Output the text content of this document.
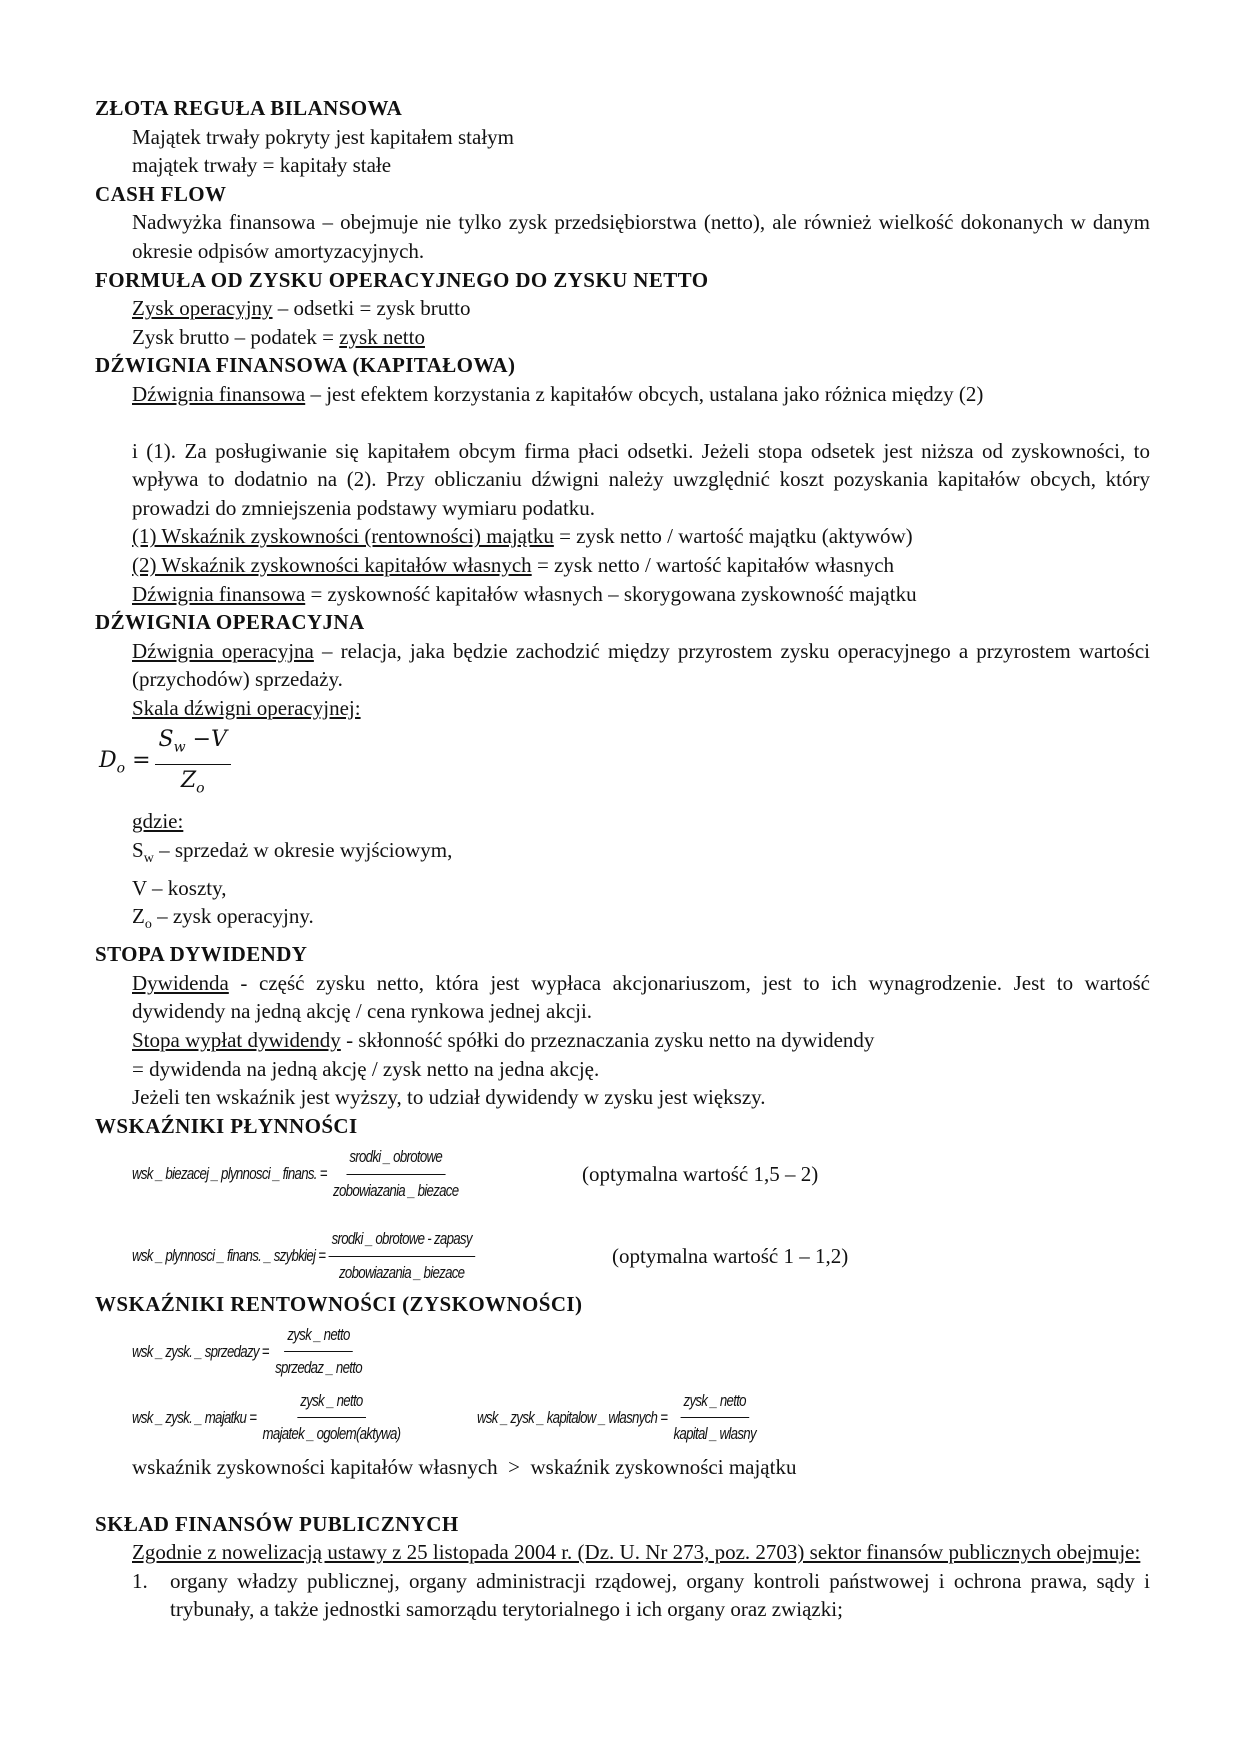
ZŁOTA REGUŁA BILANSOWA
Majątek trwały pokryty jest kapitałem stałym
majątek trwały = kapitały stałe
CASH FLOW
Nadwyżka finansowa – obejmuje nie tylko zysk przedsiębiorstwa (netto), ale również wielkość dokonanych w danym okresie odpisów amortyzacyjnych.
FORMUŁA OD ZYSKU OPERACYJNEGO DO ZYSKU NETTO
Zysk operacyjny – odsetki = zysk brutto
Zysk brutto – podatek = zysk netto
DŹWIGNIA FINANSOWA (KAPITAŁOWA)
Dźwignia finansowa – jest efektem korzystania z kapitałów obcych, ustalana jako różnica między (2)
i (1). Za posługiwanie się kapitałem obcym firma płaci odsetki. Jeżeli stopa odsetek jest niższa od zyskowności, to wpływa to dodatnio na (2). Przy obliczaniu dźwigni należy uwzględnić koszt pozyskania kapitałów obcych, który prowadzi do zmniejszenia podstawy wymiaru podatku.
(1) Wskaźnik zyskowności (rentowności) majątku = zysk netto / wartość majątku (aktywów)
(2) Wskaźnik zyskowności kapitałów własnych = zysk netto / wartość kapitałów własnych
Dźwignia finansowa = zyskowność kapitałów własnych – skorygowana zyskowność majątku
DŹWIGNIA OPERACYJNA
Dźwignia operacyjna – relacja, jaka będzie zachodzić między przyrostem zysku operacyjnego a przyrostem wartości (przychodów) sprzedaży.
Skala dźwigni operacyjnej:
$D_o = \frac{S_w -V}{Z_o}$
gdzie:
$S_w$ – sprzedaż w okresie wyjściowym,
V – koszty,
$Z_o$ – zysk operacyjny.
STOPA DYWIDENDY
Dywidenda - część zysku netto, która jest wypłaca akcjonariuszom, jest to ich wynagrodzenie. Jest to wartość dywidendy na jedną akcję / cena rynkowa jednej akcji.
Stopa wypłat dywidendy - skłonność spółki do przeznaczania zysku netto na dywidendy
= dywidenda na jedną akcję / zysk netto na jedna akcję.
Jeżeli ten wskaźnik jest wyższy, to udział dywidendy w zysku jest większy.
WSKAŹNIKI PŁYNNOŚCI
wsk _ biezacej _ plynnosci _ finans. = $\frac{\text{srodki \_ obrotowe}}{\text{zobowiazania \_ biezace}}$	(optymalna wartość 1,5 – 2)
wsk _ plynnosci _ finans. _ szybkiej = $\frac{\text{srodki \_ obrotowe - zapasy}}{\text{zobowiazania \_ biezace}}$	(optymalna wartość 1 – 1,2)
WSKAŹNIKI RENTOWNOŚCI (ZYSKOWNOŚCI)
wsk _ zysk. _ sprzedazy = $\frac{\text{zysk \_ netto}}{\text{sprzedaz \_ netto}}$
wsk _ zysk. _ majatku = $\frac{\text{zysk \_ netto}}{\text{majatek \_ ogolem(aktywa)}}$	wsk _ zysk _ kapitalow _ wlasnych = $\frac{\text{zysk \_ netto}}{\text{kapital \_ wlasny}}$
wskaźnik zyskowności kapitałów własnych  >  wskaźnik zyskowności majątku
SKŁAD FINANSÓW PUBLICZNYCH
Zgodnie z nowelizacją ustawy z 25 listopada 2004 r. (Dz. U. Nr 273, poz. 2703) sektor finansów publicznych obejmuje:
1. organy władzy publicznej, organy administracji rządowej, organy kontroli państwowej i ochrona prawa, sądy i trybunały, a także jednostki samorządu terytorialnego i ich organy oraz związki;
